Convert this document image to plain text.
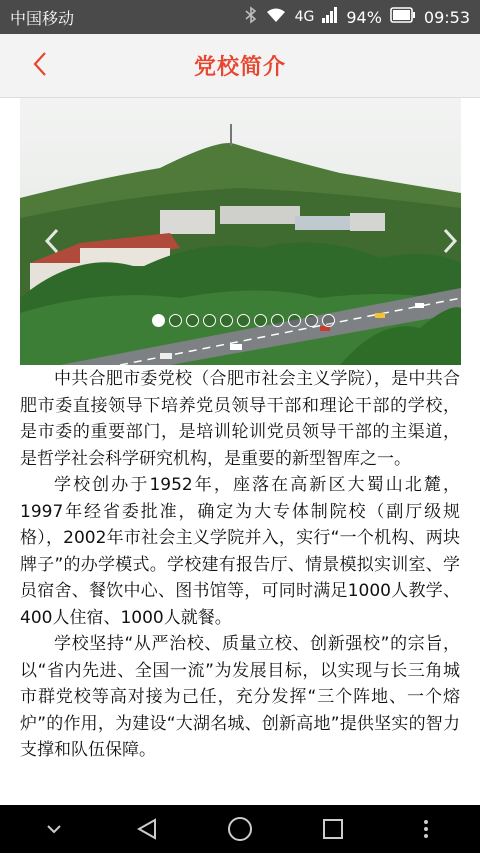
中国移动	4G 94%	09:53
党校简介

中共合肥市委党校（合肥市社会主义学院），是中共合肥市委直接领导下培养党员领导干部和理论干部的学校，是市委的重要部门，是培训轮训党员领导干部的主渠道，是哲学社会科学研究机构，是重要的新型智库之一。

学校创办于1952年，座落在高新区大蜀山北麓，1997年经省委批准，确定为大专体制院校（副厅级规格），2002年市社会主义学院并入，实行“一个机构、两块牌子”的办学模式。学校建有报告厅、情景模拟实训室、学员宿舍、餐饮中心、图书馆等，可同时满足1000人教学、400人住宿、1000人就餐。

学校坚持“从严治校、质量立校、创新强校”的宗旨，以“省内先进、全国一流”为发展目标，以实现与长三角城市群党校等高对接为己任，充分发挥“三个阵地、一个熔炉”的作用，为建设“大湖名城、创新高地”提供坚实的智力支撑和队伍保障。
